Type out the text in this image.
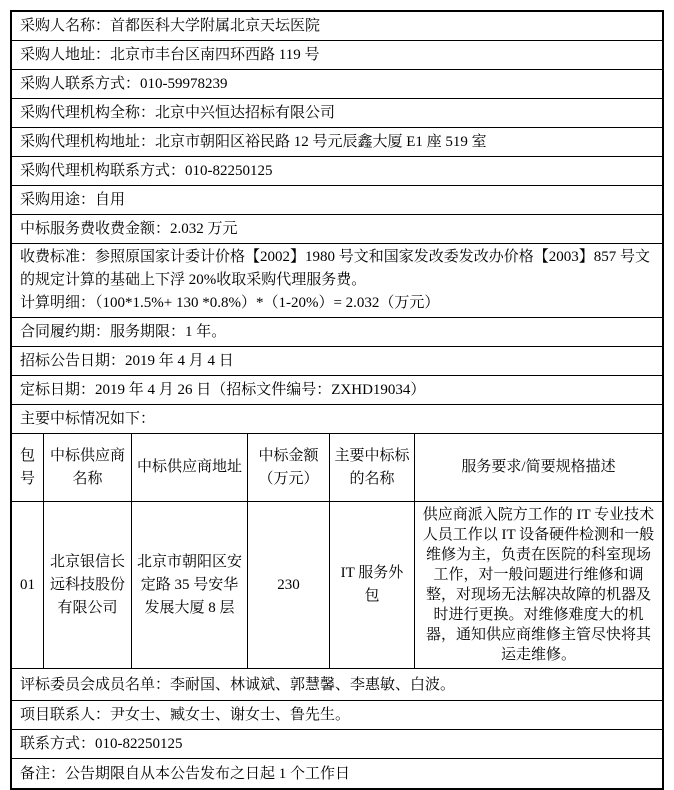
采购人名称： 首都医科大学附属北京天坛医院
采购人地址： 北京市丰台区南四环西路 119 号
采购人联系方式： 010-59978239
采购代理机构全称： 北京中兴恒达招标有限公司
采购代理机构地址： 北京市朝阳区裕民路 12 号元辰鑫大厦 E1 座 519 室
采购代理机构联系方式： 010-82250125
采购用途： 自用
中标服务费收费金额： 2.032 万元

收费标准：参照原国家计委计价格【2002】1980 号文和国家发改委发改办价格【2003】857 号文的规定计算的基础上下浮 20%收取采购代理服务费。

计算明细：（100*1.5%+ 130 *0.8%）*（1-20%）= 2.032（万元）

合同履约期： 服务期限：1 年。
招标公告日期： 2019 年 4 月 4 日
定标日期： 2019 年 4 月 26 日（招标文件编号：ZXHD19034）
主要中标情况如下：
包号
中标供应商名称
中标供应商地址
中标金额（万元）
主要中标标的名称
服务要求/简要规格描述
01
北京银信长远科技股份有限公司
北京市朝阳区安定路 35 号安华发展大厦 8 层
230
IT 服务外包
供应商派入院方工作的 IT 专业技术人员工作以 IT 设备硬件检测和一般维修为主，负责在医院的科室现场工作，对一般问题进行维修和调整，对现场无法解决故障的机器及时进行更换。对维修难度大的机器，通知供应商维修主管尽快将其运走维修。
评标委员会成员名单： 李耐国、林诚斌、郭慧馨、李惠敏、白波。
项目联系人： 尹女士、臧女士、谢女士、鲁先生。
联系方式： 010-82250125
备注： 公告期限自从本公告发布之日起 1 个工作日
